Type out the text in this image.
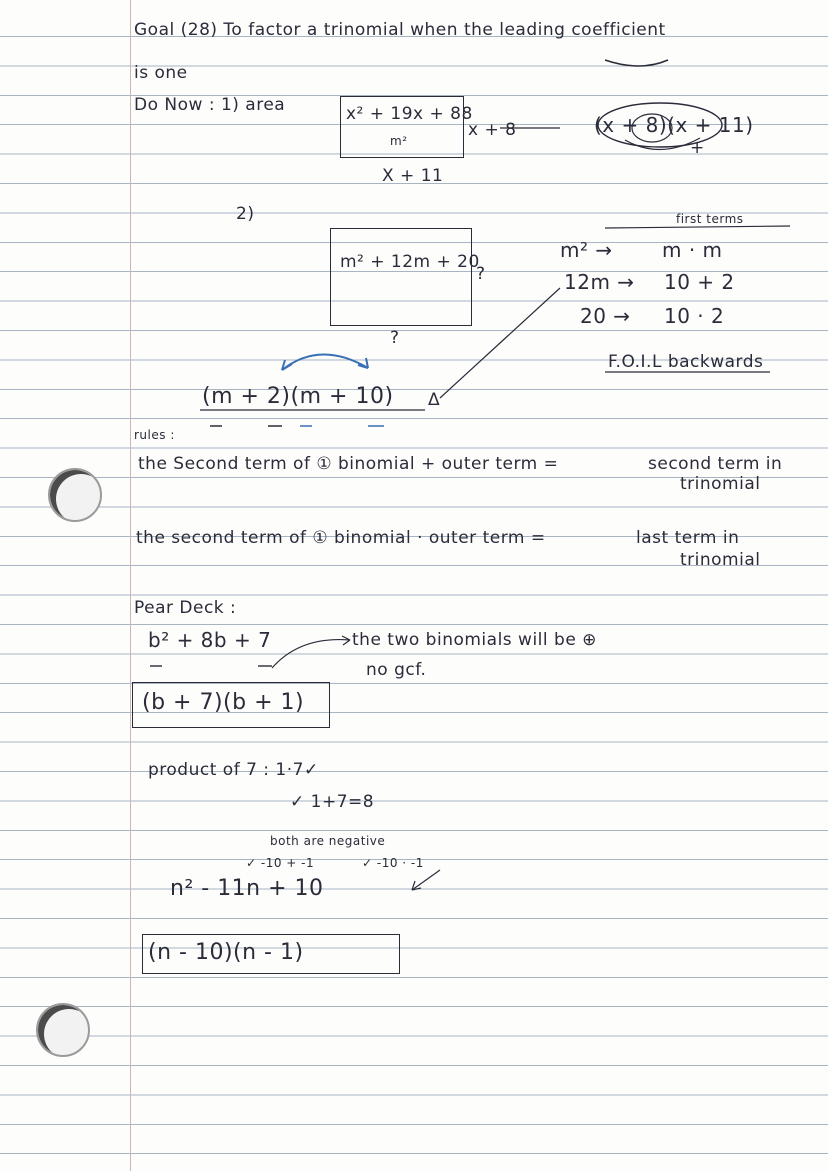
Goal (28) To factor a trinomial when the leading coefficient
is one
Do Now : 1) area	x² + 19x + 88
m²
x + 8
X + 11
(x + 8)(x + 11)
+
2)
m² + 12m + 20
?
?
(m + 2)(m + 10) Δ
first terms
m² → m · m
12m → 10 + 2
20 → 10 · 2
F.O.I.L backwards
rules :
the Second term of ① binomial + outer term =	second term in
trinomial
the second term of ① binomial · outer term =	last term in
trinomial
Pear Deck :
b² + 8b + 7	the two binomials will be ⊕
no gcf.
(b + 7)(b + 1)
product of 7 : 1·7✓
✓ 1+7=8
both are negative
✓ -10 + -1	✓ -10 · -1
n² - 11n + 10
(n - 10)(n - 1)
